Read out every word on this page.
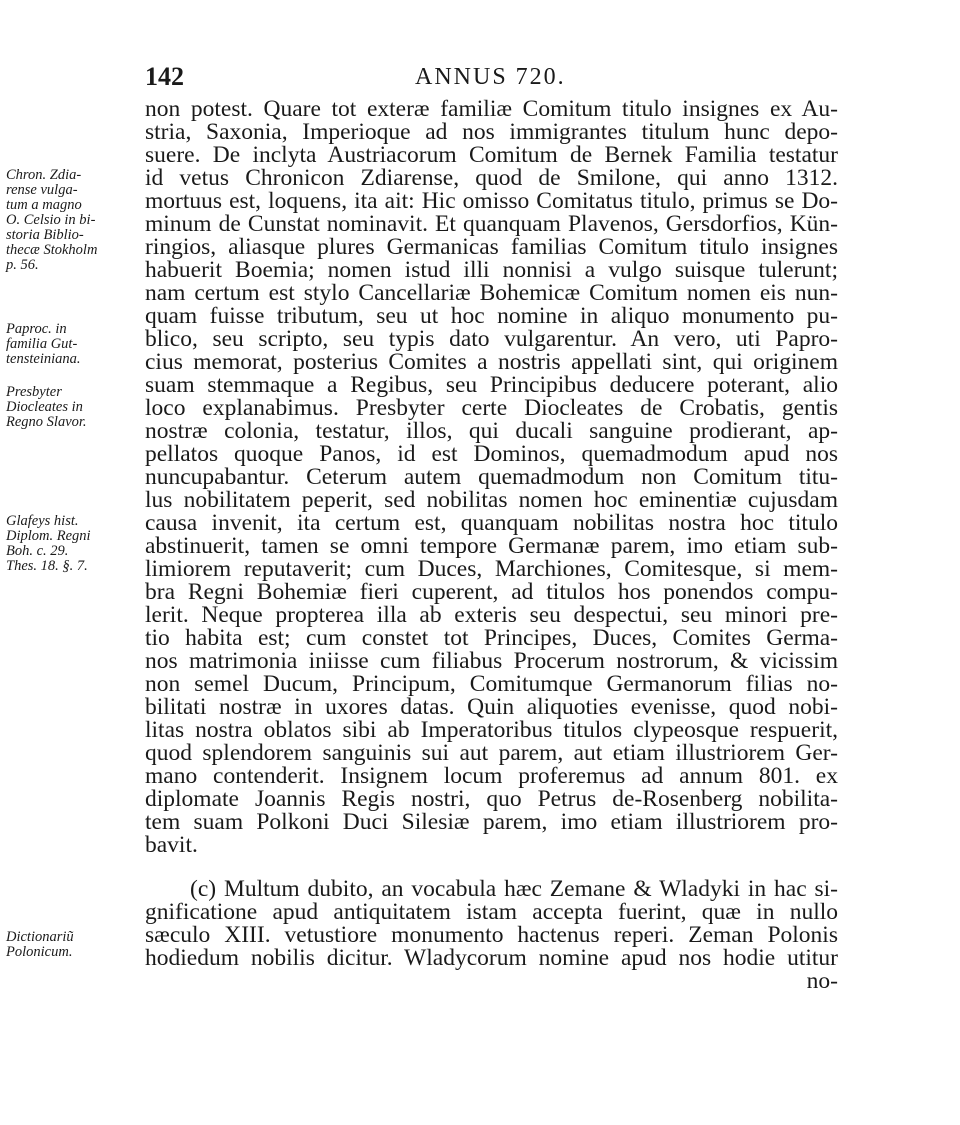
142	ANNUS 720.
non potest. Quare tot exteræ familiæ Comitum titulo insignes ex Au-
stria, Saxonia, Imperioque ad nos immigrantes titulum hunc depo-
suere. De inclyta Austriacorum Comitum de Bernek Familia testatur
id vetus Chronicon Zdiarense, quod de Smilone, qui anno 1312.
mortuus est, loquens, ita ait: Hic omisso Comitatus titulo, primus se Do-
minum de Cunstat nominavit. Et quanquam Plavenos, Gersdorfios, Kün-
ringios, aliasque plures Germanicas familias Comitum titulo insignes
habuerit Boemia; nomen istud illi nonnisi a vulgo suisque tulerunt;
nam certum est stylo Cancellariæ Bohemicæ Comitum nomen eis nun-
quam fuisse tributum, seu ut hoc nomine in aliquo monumento pu-
blico, seu scripto, seu typis dato vulgarentur. An vero, uti Papro-
cius memorat, posterius Comites a nostris appellati sint, qui originem
suam stemmaque a Regibus, seu Principibus deducere poterant, alio
loco explanabimus. Presbyter certe Diocleates de Crobatis, gentis
nostræ colonia, testatur, illos, qui ducali sanguine prodierant, ap-
pellatos quoque Panos, id est Dominos, quemadmodum apud nos
nuncupabantur. Ceterum autem quemadmodum non Comitum titu-
lus nobilitatem peperit, sed nobilitas nomen hoc eminentiæ cujusdam
causa invenit, ita certum est, quanquam nobilitas nostra hoc titulo
abstinuerit, tamen se omni tempore Germanæ parem, imo etiam sub-
limiorem reputaverit; cum Duces, Marchiones, Comitesque, si mem-
bra Regni Bohemiæ fieri cuperent, ad titulos hos ponendos compu-
lerit. Neque propterea illa ab exteris seu despectui, seu minori pre-
tio habita est; cum constet tot Principes, Duces, Comites Germa-
nos matrimonia iniisse cum filiabus Procerum nostrorum, & vicissim
non semel Ducum, Principum, Comitumque Germanorum filias no-
bilitati nostræ in uxores datas. Quin aliquoties evenisse, quod nobi-
litas nostra oblatos sibi ab Imperatoribus titulos clypeosque respuerit,
quod splendorem sanguinis sui aut parem, aut etiam illustriorem Ger-
mano contenderit. Insignem locum proferemus ad annum 801. ex
diplomate Joannis Regis nostri, quo Petrus de-Rosenberg nobilita-
tem suam Polkoni Duci Silesiæ parem, imo etiam illustriorem pro-
bavit.
(c) Multum dubito, an vocabula hæc Zemane & Wladyki in hac si-
gnificatione apud antiquitatem istam accepta fuerint, quæ in nullo
sæculo XIII. vetustiore monumento hactenus reperi. Zeman Polonis
hodiedum nobilis dicitur. Wladycorum nomine apud nos hodie utitur
no-
Chron. Zdia-
rense vulga-
tum a magno
O. Celsio in bi-
storia Biblio-
thecæ Stokholm
p. 56.
Paproc. in
familia Gut-
tensteiniana.
Presbyter
Diocleates in
Regno Slavor.
Glafeys hist.
Diplom. Regni
Boh. c. 29.
Thes. 18. §. 7.
Dictionariũ
Polonicum.
